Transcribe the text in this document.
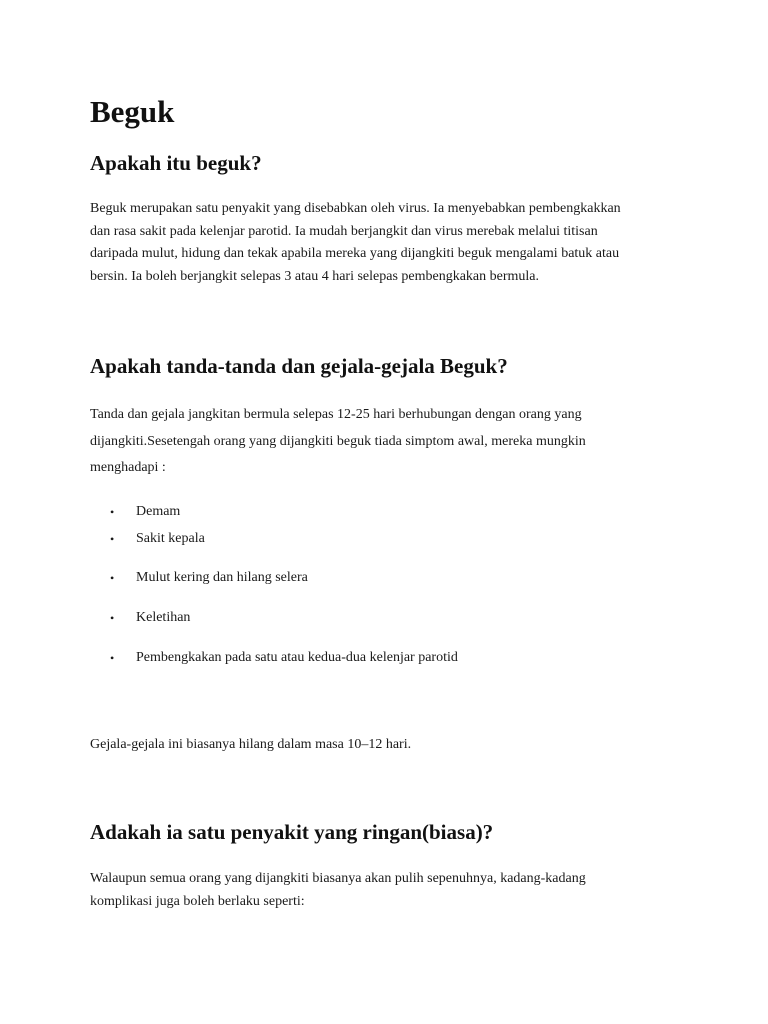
Beguk
Apakah itu beguk?
Beguk merupakan satu penyakit yang disebabkan oleh virus. Ia menyebabkan pembengkakkan
dan rasa sakit pada kelenjar parotid. Ia mudah berjangkit dan virus merebak melalui titisan
daripada mulut, hidung dan tekak apabila mereka yang dijangkiti beguk mengalami batuk atau
bersin. Ia boleh berjangkit selepas 3 atau 4 hari selepas pembengkakan bermula.
Apakah tanda-tanda dan gejala-gejala Beguk?
Tanda dan gejala jangkitan bermula selepas 12-25 hari berhubungan dengan orang yang
dijangkiti.Sesetengah orang yang dijangkiti beguk tiada simptom awal, mereka mungkin
menghadapi :
•	Demam
•	Sakit kepala
•	Mulut kering dan hilang selera
•	Keletihan
•	Pembengkakan pada satu atau kedua-dua kelenjar parotid
Gejala-gejala ini biasanya hilang dalam masa 10–12 hari.
Adakah ia satu penyakit yang ringan(biasa)?
Walaupun semua orang yang dijangkiti biasanya akan pulih sepenuhnya, kadang-kadang
komplikasi juga boleh berlaku seperti:
